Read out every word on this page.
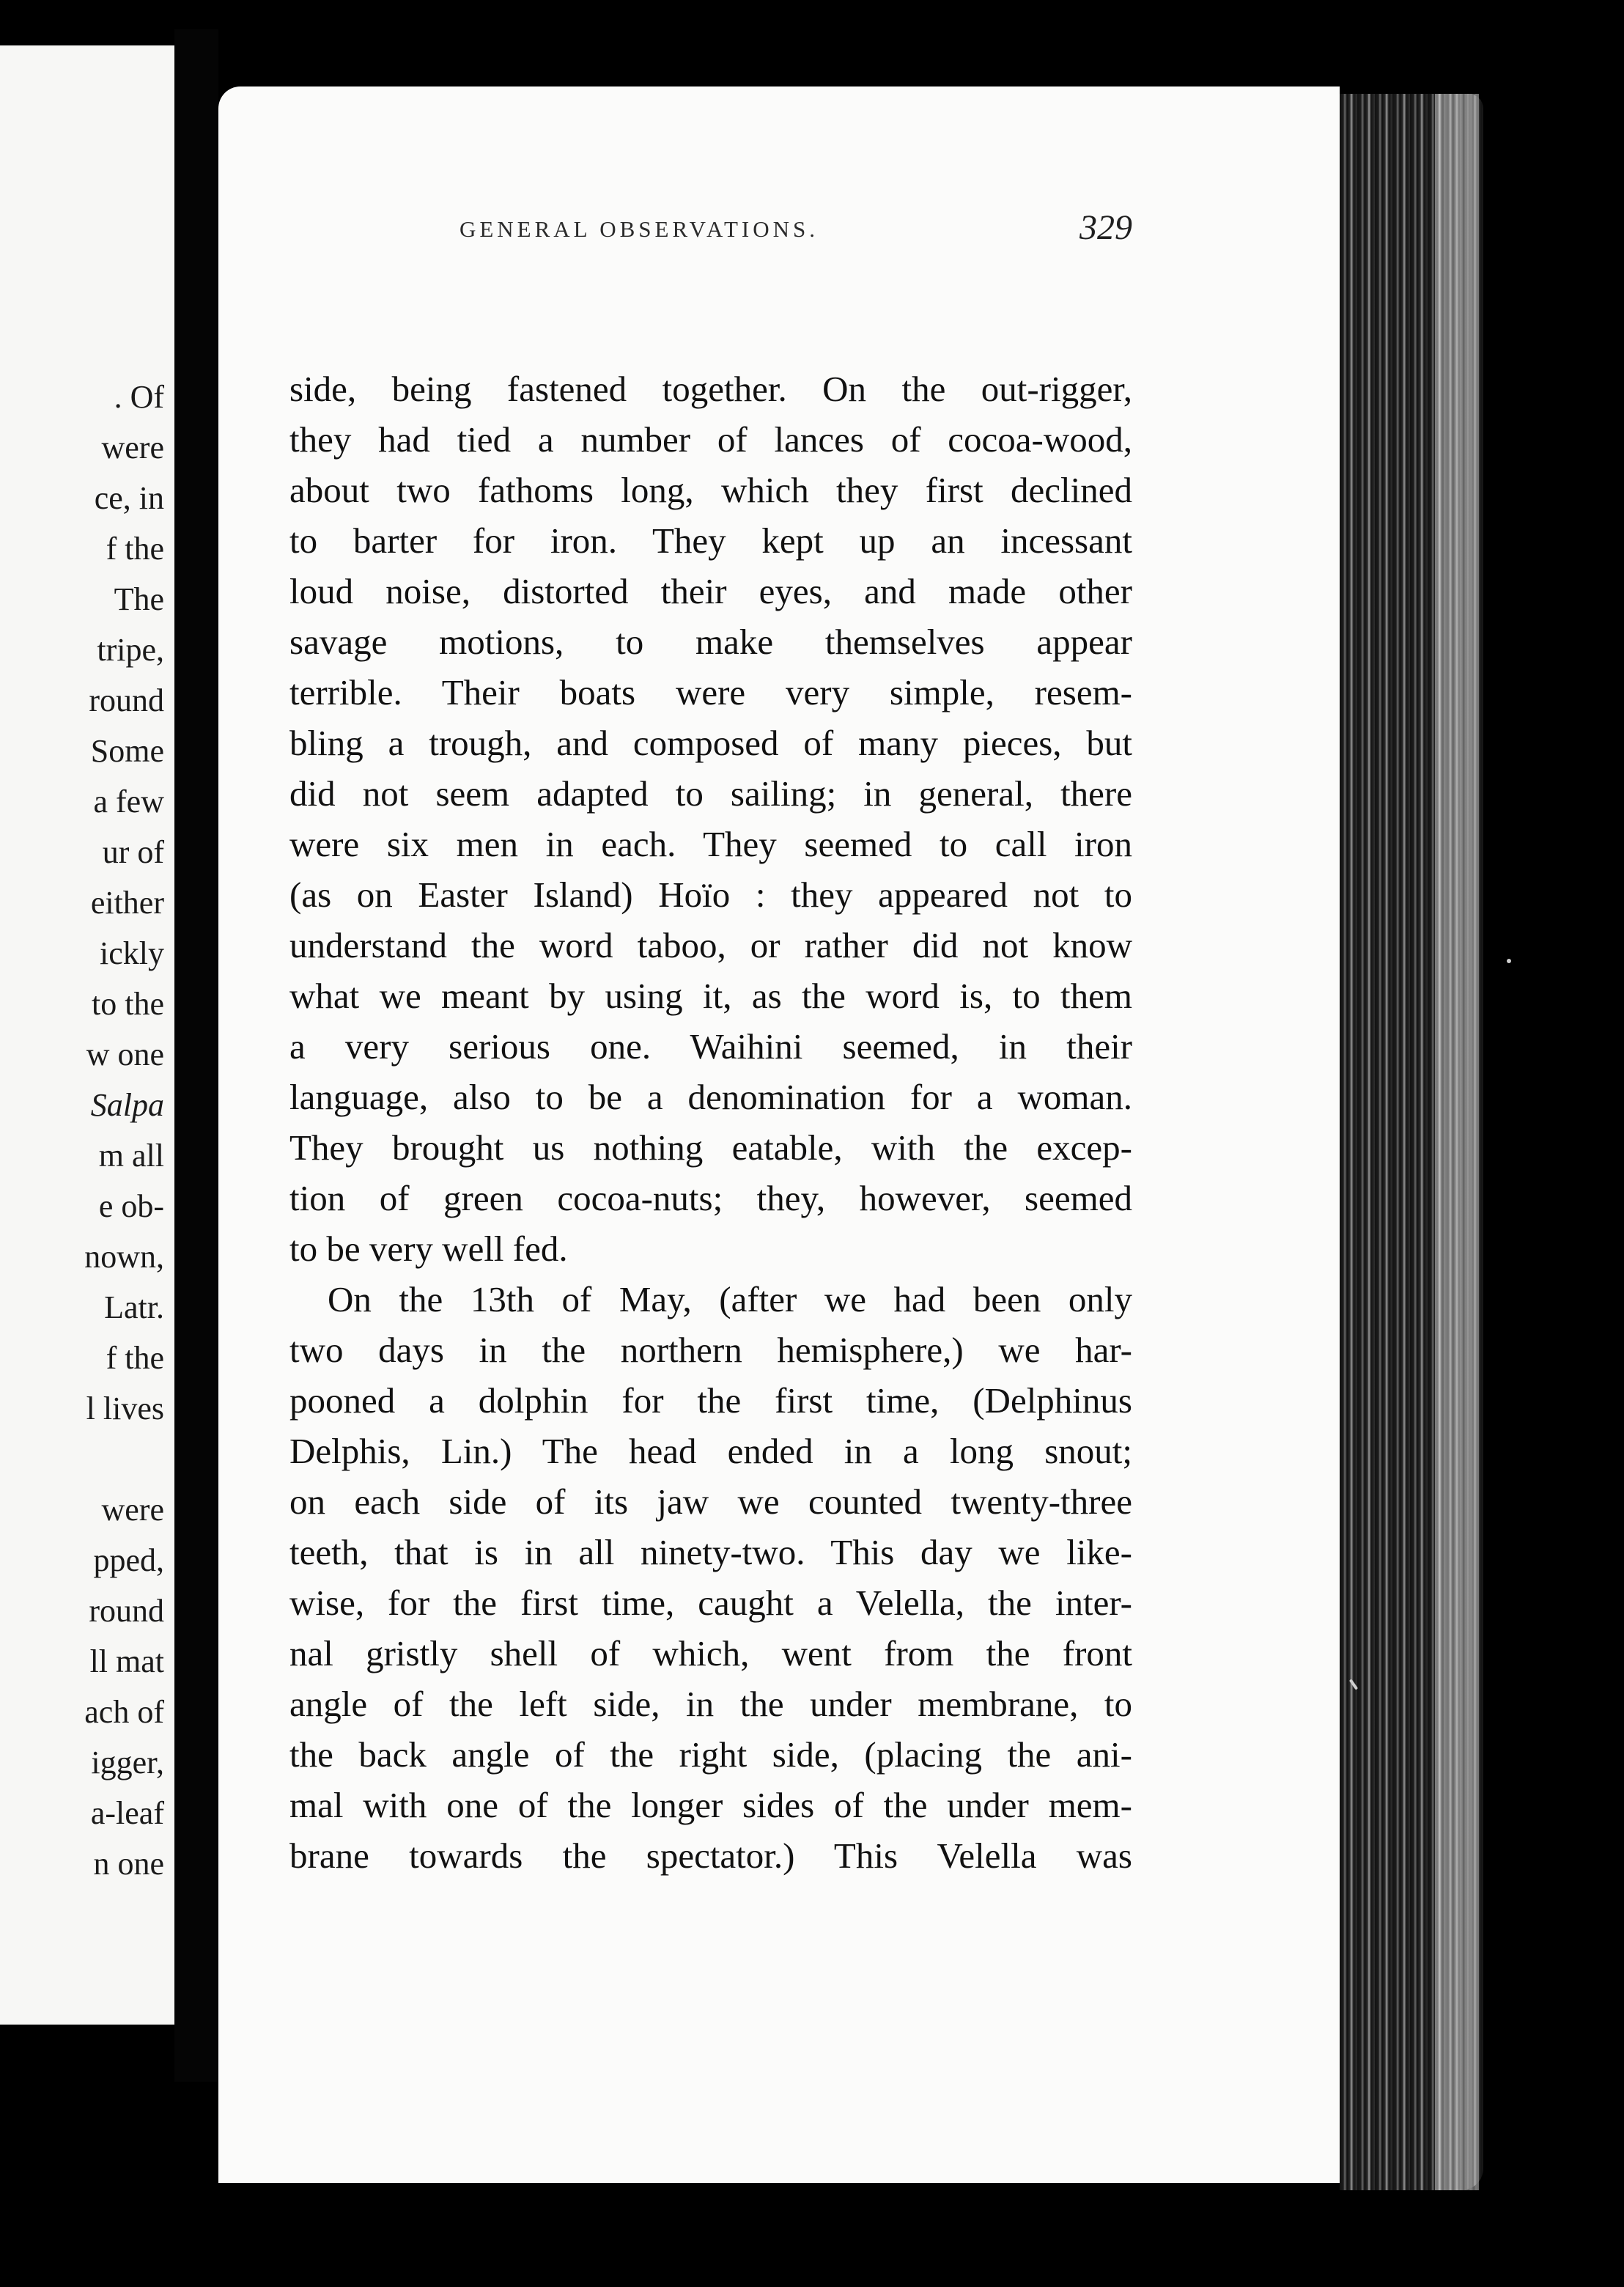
. Of
were
ce, in
f the
The
tripe,
round
Some
a few
ur of
either
ickly
to the
w one
Salpa
m all
e ob-
nown,
Latr.
f the
l lives
were
pped,
round
ll mat
ach of
igger,
a-leaf
n one
GENERAL OBSERVATIONS.	329

side, being fastened together. On the out-rigger,
they had tied a number of lances of cocoa-wood,
about two fathoms long, which they first declined
to barter for iron. They kept up an incessant
loud noise, distorted their eyes, and made other
savage motions, to make themselves appear
terrible. Their boats were very simple, resem-
bling a trough, and composed of many pieces, but
did not seem adapted to sailing; in general, there
were six men in each. They seemed to call iron
(as on Easter Island) Hoïo : they appeared not to
understand the word taboo, or rather did not know
what we meant by using it, as the word is, to them
a very serious one. Waihini seemed, in their
language, also to be a denomination for a woman.
They brought us nothing eatable, with the excep-
tion of green cocoa-nuts; they, however, seemed
to be very well fed.

On the 13th of May, (after we had been only
two days in the northern hemisphere,) we har-
pooned a dolphin for the first time, (Delphinus
Delphis, Lin.) The head ended in a long snout;
on each side of its jaw we counted twenty-three
teeth, that is in all ninety-two. This day we like-
wise, for the first time, caught a Velella, the inter-
nal gristly shell of which, went from the front
angle of the left side, in the under membrane, to
the back angle of the right side, (placing the ani-
mal with one of the longer sides of the under mem-
brane towards the spectator.) This Velella was
